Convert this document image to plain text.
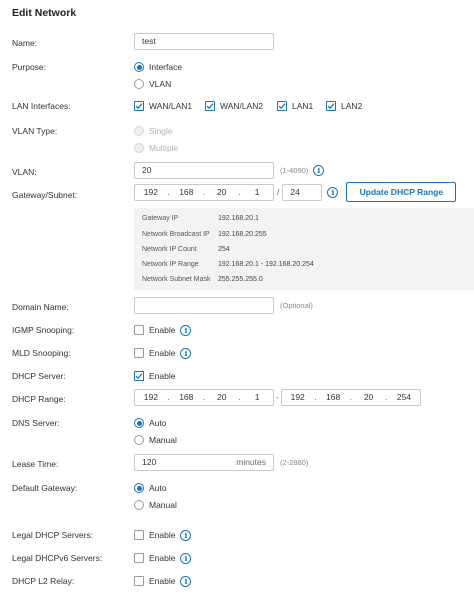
Edit Network
Name:	test
Purpose:	Interface
VLAN
LAN Interfaces:	WAN/LAN1	WAN/LAN2	LAN1	LAN2
VLAN Type:	Single
Multiple
VLAN:	20	(1-4090)	i
Gateway/Subnet:	192	.	168	.	20	.	1	/ 24	i	Update DHCP Range
Gateway IP	192.168.20.1
Network Broadcast IP 192.168.20.255
Network IP Count	254
Network IP Range	192.168.20.1 - 192.168.20.254
Network Subnet Mask 255.255.255.0
Domain Name:	(Optional)
IGMP Snooping:	Enable	i
MLD Snooping:	Enable	i
DHCP Server:	Enable
DHCP Range:	192	.	168	.	20	.	1	-	192	.	168	.	20	.	254
DNS Server:	Auto
Manual
Lease Time:	120	minutes (2-2880)
Default Gateway:	Auto
Manual
Legal DHCP Servers:	Enable	i
Legal DHCPv6 Servers:	Enable	i
DHCP L2 Relay:	Enable	i
